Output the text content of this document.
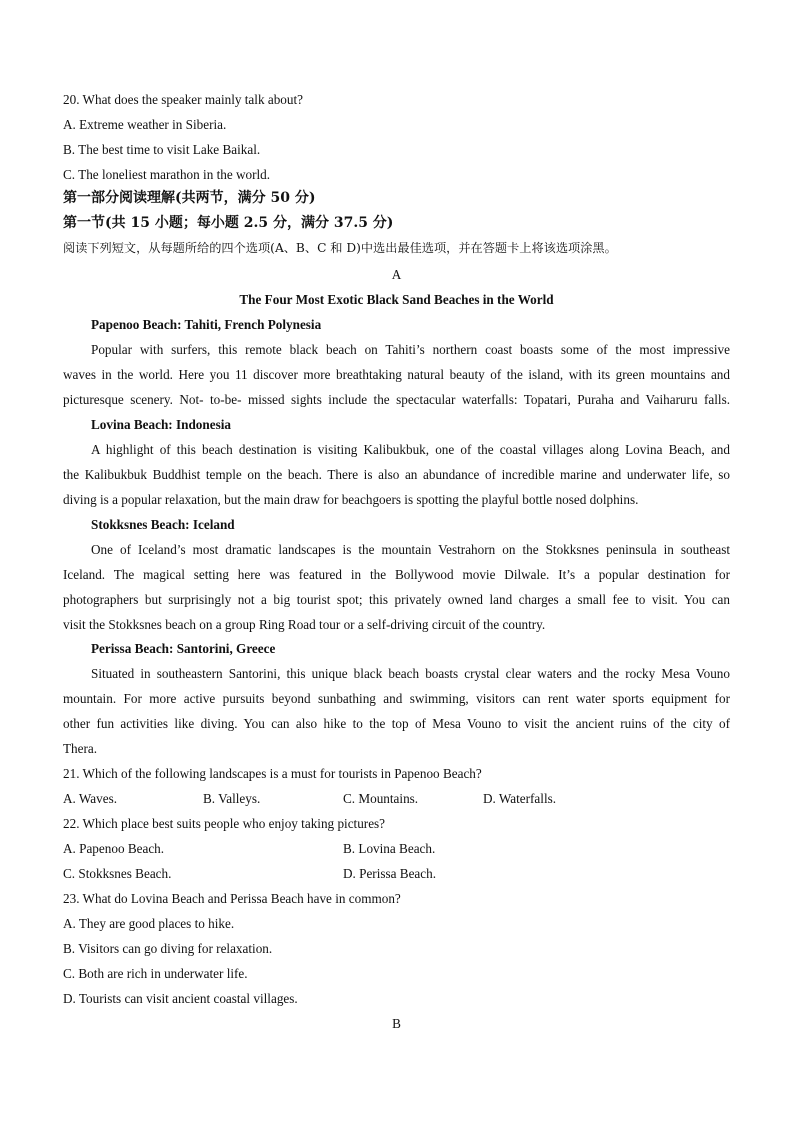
20. What does the speaker mainly talk about?
A. Extreme weather in Siberia.
B. The best time to visit Lake Baikal.
C. The loneliest marathon in the world.
第一部分阅读理解(共两节，满分 50 分)
第一节(共 15 小题；每小题 2.5 分，满分 37.5 分)
阅读下列短文，从每题所给的四个选项(A、B、C 和 D)中选出最佳选项，并在答题卡上将该选项涂黑。
A
The Four Most Exotic Black Sand Beaches in the World
Papenoo Beach: Tahiti, French Polynesia
Popular with surfers, this remote black beach on Tahiti’s northern coast boasts some of the most impressive
waves in the world. Here you 11 discover more breathtaking natural beauty of the island, with its green mountains and
picturesque scenery. Not- to-be- missed sights include the spectacular waterfalls: Topatari, Puraha and Vaiharuru falls.
Lovina Beach: Indonesia
A highlight of this beach destination is visiting Kalibukbuk, one of the coastal villages along Lovina Beach, and
the Kalibukbuk Buddhist temple on the beach. There is also an abundance of incredible marine and underwater life, so
diving is a popular relaxation, but the main draw for beachgoers is spotting the playful bottle nosed dolphins.
Stokksnes Beach: Iceland
One of Iceland’s most dramatic landscapes is the mountain Vestrahorn on the Stokksnes peninsula in southeast
Iceland. The magical setting here was featured in the Bollywood movie Dilwale. It’s a popular destination for
photographers but surprisingly not a big tourist spot; this privately owned land charges a small fee to visit. You can
visit the Stokksnes beach on a group Ring Road tour or a self-driving circuit of the country.
Perissa Beach: Santorini, Greece
Situated in southeastern Santorini, this unique black beach boasts crystal clear waters and the rocky Mesa Vouno
mountain. For more active pursuits beyond sunbathing and swimming, visitors can rent water sports equipment for
other fun activities like diving. You can also hike to the top of Mesa Vouno to visit the ancient ruins of the city of
Thera.
21. Which of the following landscapes is a must for tourists in Papenoo Beach?
A. Waves.	B. Valleys.	C. Mountains.	D. Waterfalls.
22. Which place best suits people who enjoy taking pictures?
A. Papenoo Beach.	B. Lovina Beach.
C. Stokksnes Beach.	D. Perissa Beach.
23. What do Lovina Beach and Perissa Beach have in common?
A. They are good places to hike.
B. Visitors can go diving for relaxation.
C. Both are rich in underwater life.
D. Tourists can visit ancient coastal villages.
B
